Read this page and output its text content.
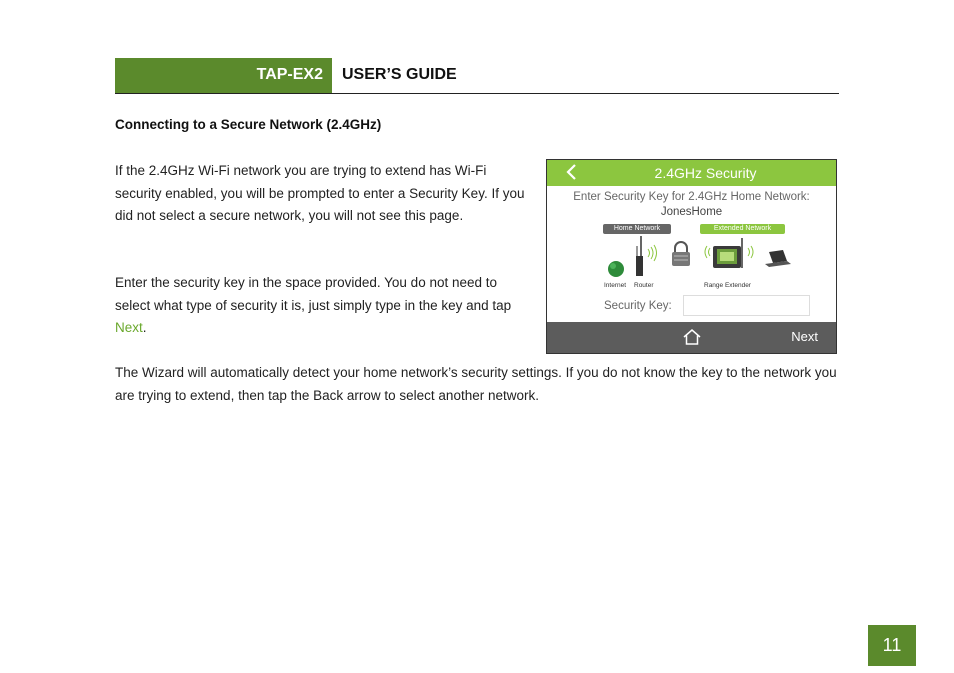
TAP-EX2 USER’S GUIDE
Connecting to a Secure Network (2.4GHz)

If the 2.4GHz Wi-Fi network you are trying to extend has Wi-Fi security enabled, you will be prompted to enter a Security Key. If you did not select a secure network, you will not see this page.

Enter the security key in the space provided. You do not need to select what type of security it is, just simply type in the key and tap Next.

The Wizard will automatically detect your home network’s security settings. If you do not know the key to the network you are trying to extend, then tap the Back arrow to select another network.

2.4GHz Security
Enter Security Key for 2.4GHz Home Network:
JonesHome
Home Network	Extended Network
Internet Router	Range Extender
Security Key:
Next
11
